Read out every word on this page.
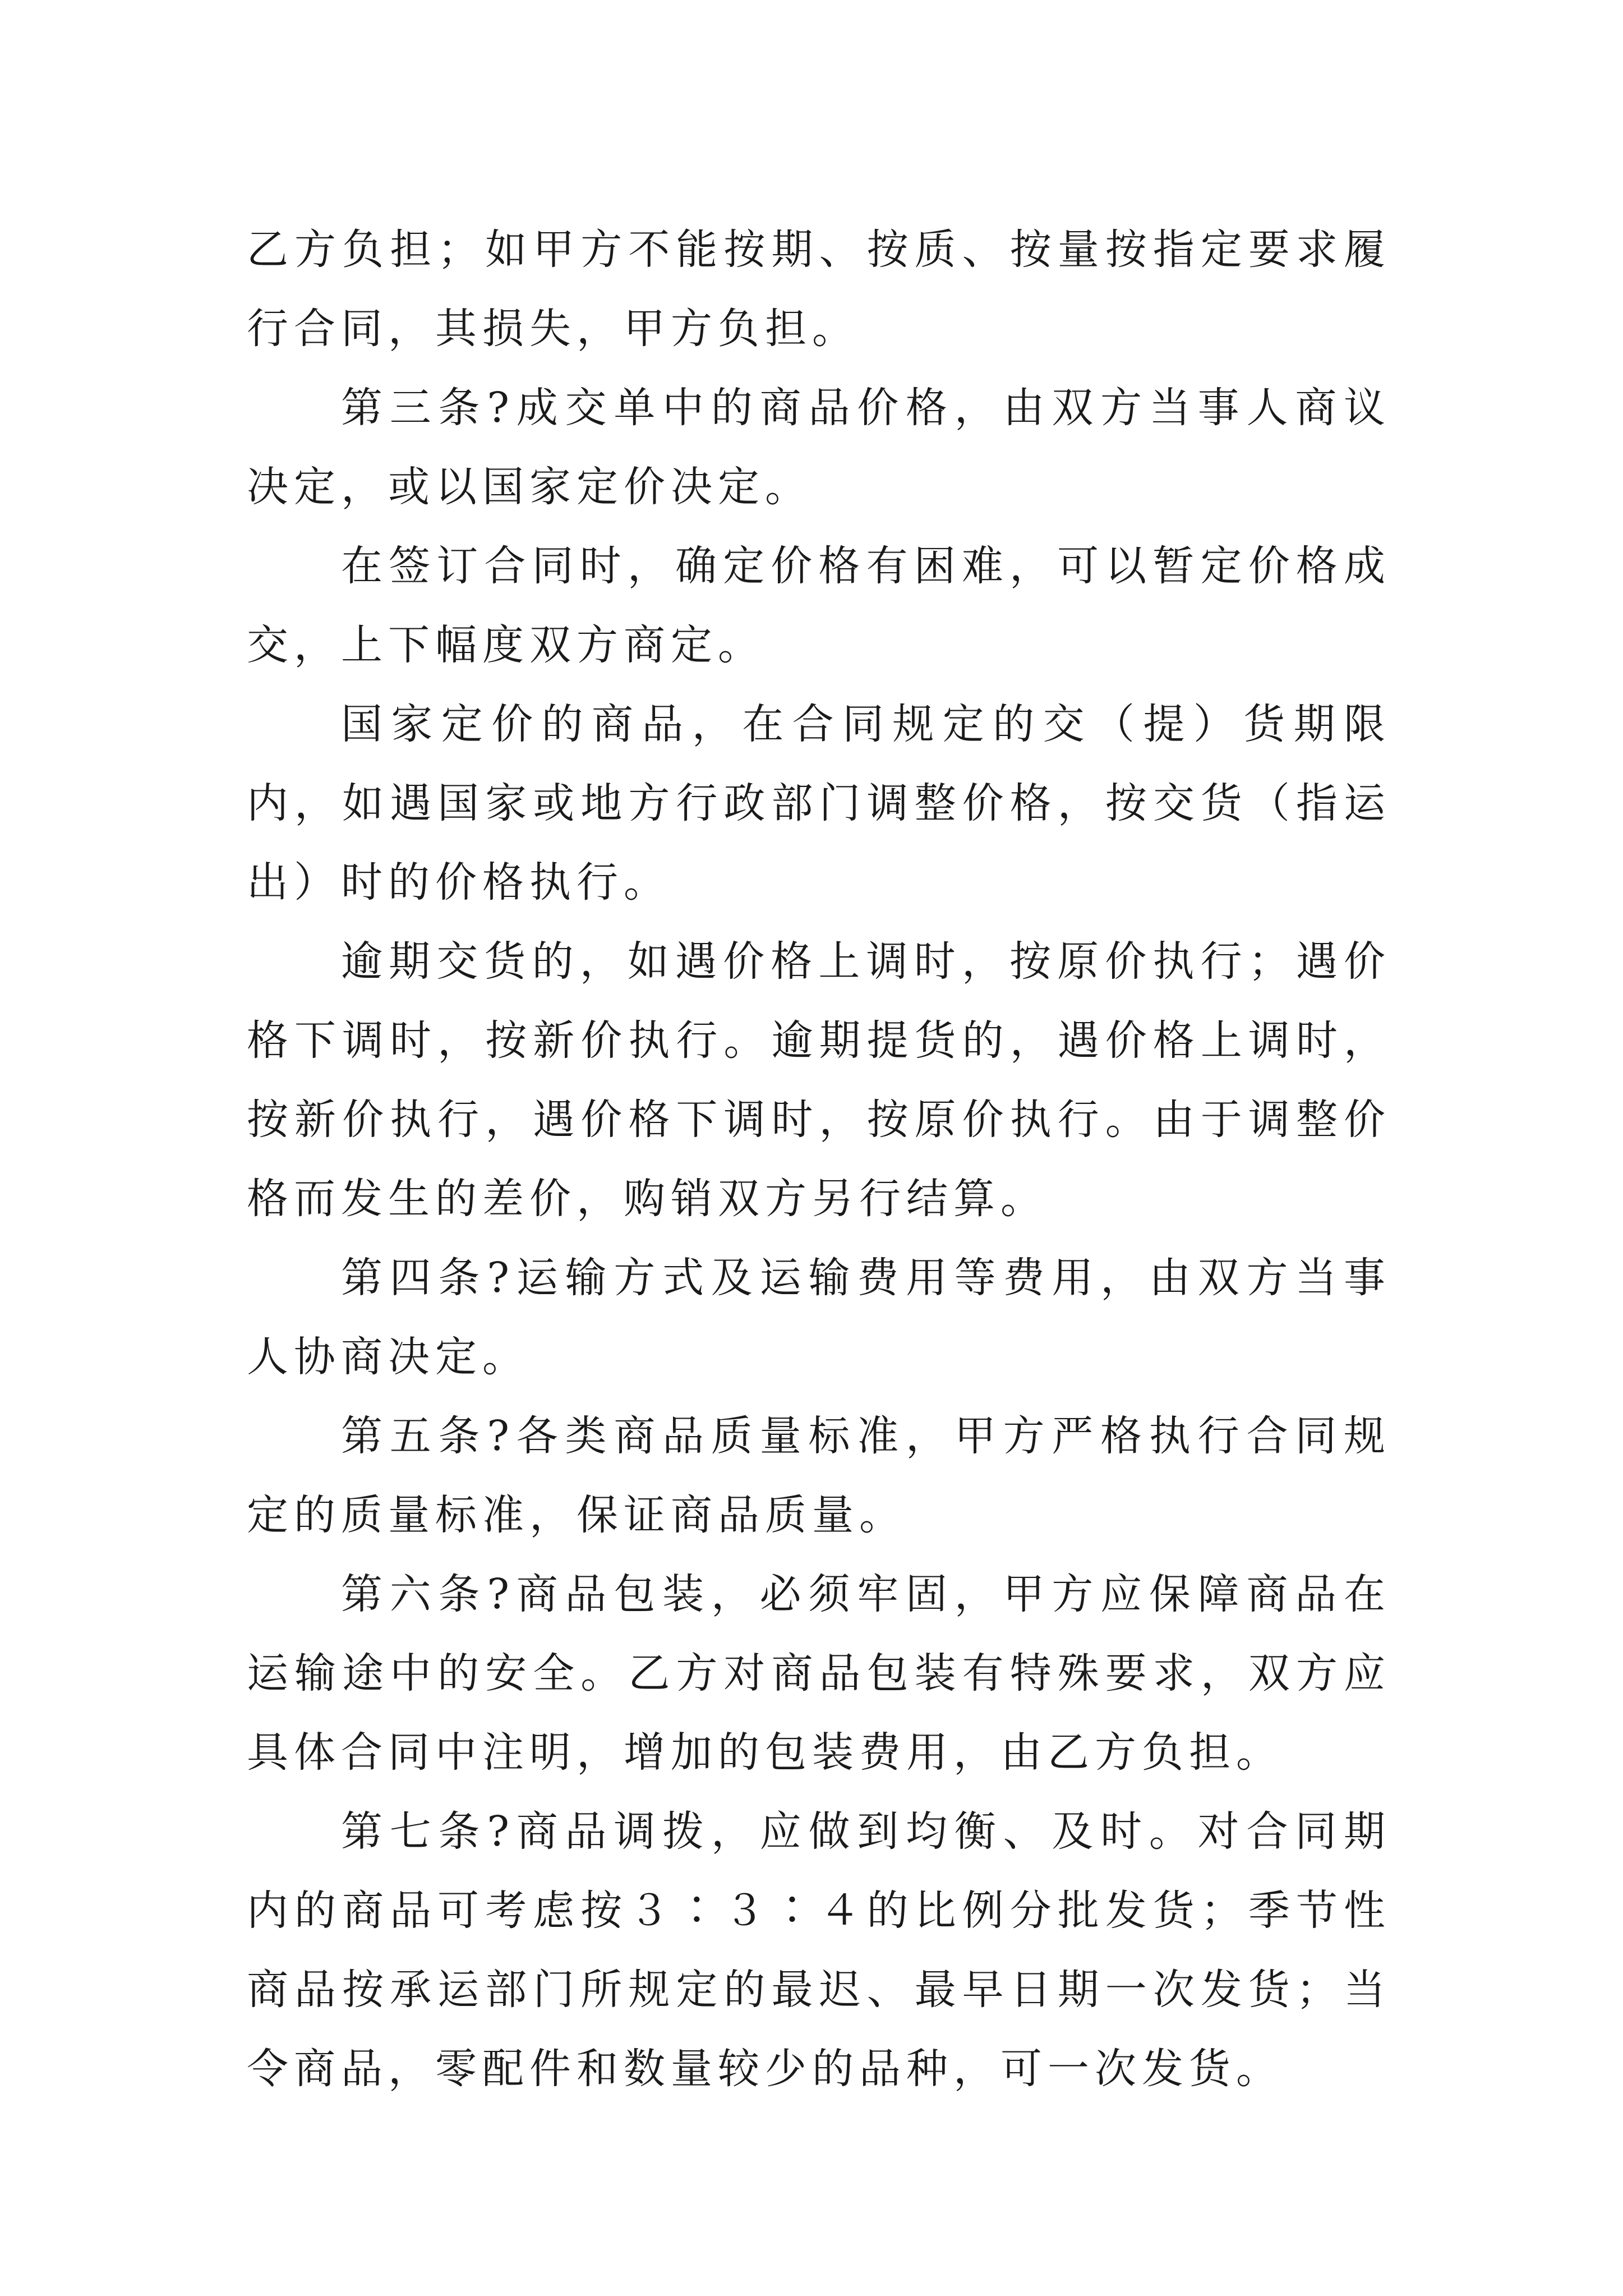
乙方负担；如甲方不能按期、按质、按量按指定要求履行合同，其损失，甲方负担。

第三条?成交单中的商品价格，由双方当事人商议决定，或以国家定价决定。

在签订合同时，确定价格有困难，可以暂定价格成交，上下幅度双方商定。

国家定价的商品，在合同规定的交（提）货期限内，如遇国家或地方行政部门调整价格，按交货（指运出）时的价格执行。

逾期交货的，如遇价格上调时，按原价执行；遇价格下调时，按新价执行。逾期提货的，遇价格上调时，按新价执行，遇价格下调时，按原价执行。由于调整价格而发生的差价，购销双方另行结算。

第四条?运输方式及运输费用等费用，由双方当事人协商决定。

第五条?各类商品质量标准，甲方严格执行合同规定的质量标准，保证商品质量。

第六条?商品包装，必须牢固，甲方应保障商品在运输途中的安全。乙方对商品包装有特殊要求，双方应具体合同中注明，增加的包装费用，由乙方负担。

第七条?商品调拨，应做到均衡、及时。对合同期内的商品可考虑按３∶３∶４的比例分批发货；季节性商品按承运部门所规定的最迟、最早日期一次发货；当令商品，零配件和数量较少的品种，可一次发货。
